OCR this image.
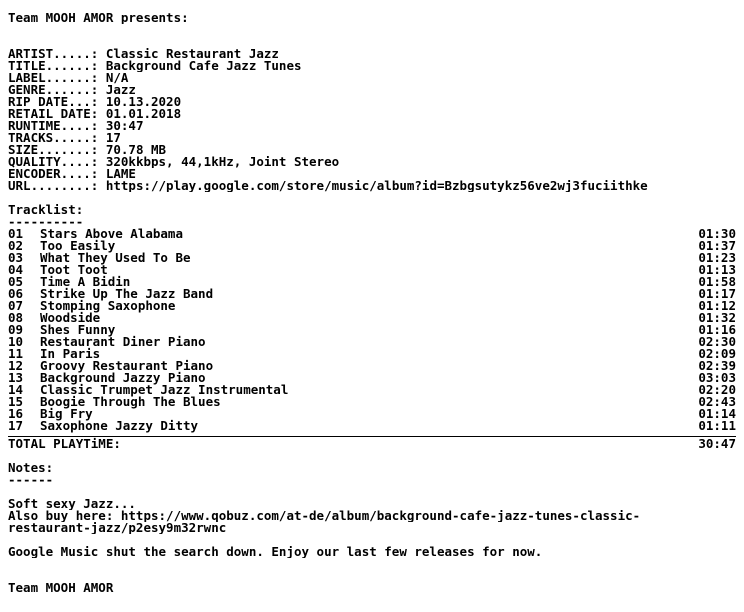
Team MOOH AMOR presents:
ARTIST.....: Classic Restaurant Jazz
TITLE......: Background Cafe Jazz Tunes
LABEL......: N/A
GENRE......: Jazz
RIP DATE...: 10.13.2020
RETAIL DATE: 01.01.2018
RUNTIME....: 30:47
TRACKS.....: 17
SIZE.......: 70.78 MB
QUALITY....: 320kkbps, 44,1kHz, Joint Stereo
ENCODER....: LAME
URL........: https://play.google.com/store/music/album?id=Bzbgsutykz56ve2wj3fuciithke
Tracklist:
----------
01	Stars Above Alabama	01:30
02	Too Easily	01:37
03	What They Used To Be	01:23
04	Toot Toot	01:13
05	Time A Bidin	01:58
06	Strike Up The Jazz Band	01:17
07	Stomping Saxophone	01:12
08	Woodside	01:32
09	Shes Funny	01:16
10	Restaurant Diner Piano	02:30
11	In Paris	02:09
12	Groovy Restaurant Piano	02:39
13	Background Jazzy Piano	03:03
14	Classic Trumpet Jazz Instrumental	02:20
15	Boogie Through The Blues	02:43
16	Big Fry	01:14
17	Saxophone Jazzy Ditty	01:11
TOTAL PLAYTiME:	30:47
Notes:
------
Soft sexy Jazz...
Also buy here: https://www.qobuz.com/at-de/album/background-cafe-jazz-tunes-classic-
restaurant-jazz/p2esy9m32rwnc
Google Music shut the search down. Enjoy our last few releases for now.
Team MOOH AMOR
